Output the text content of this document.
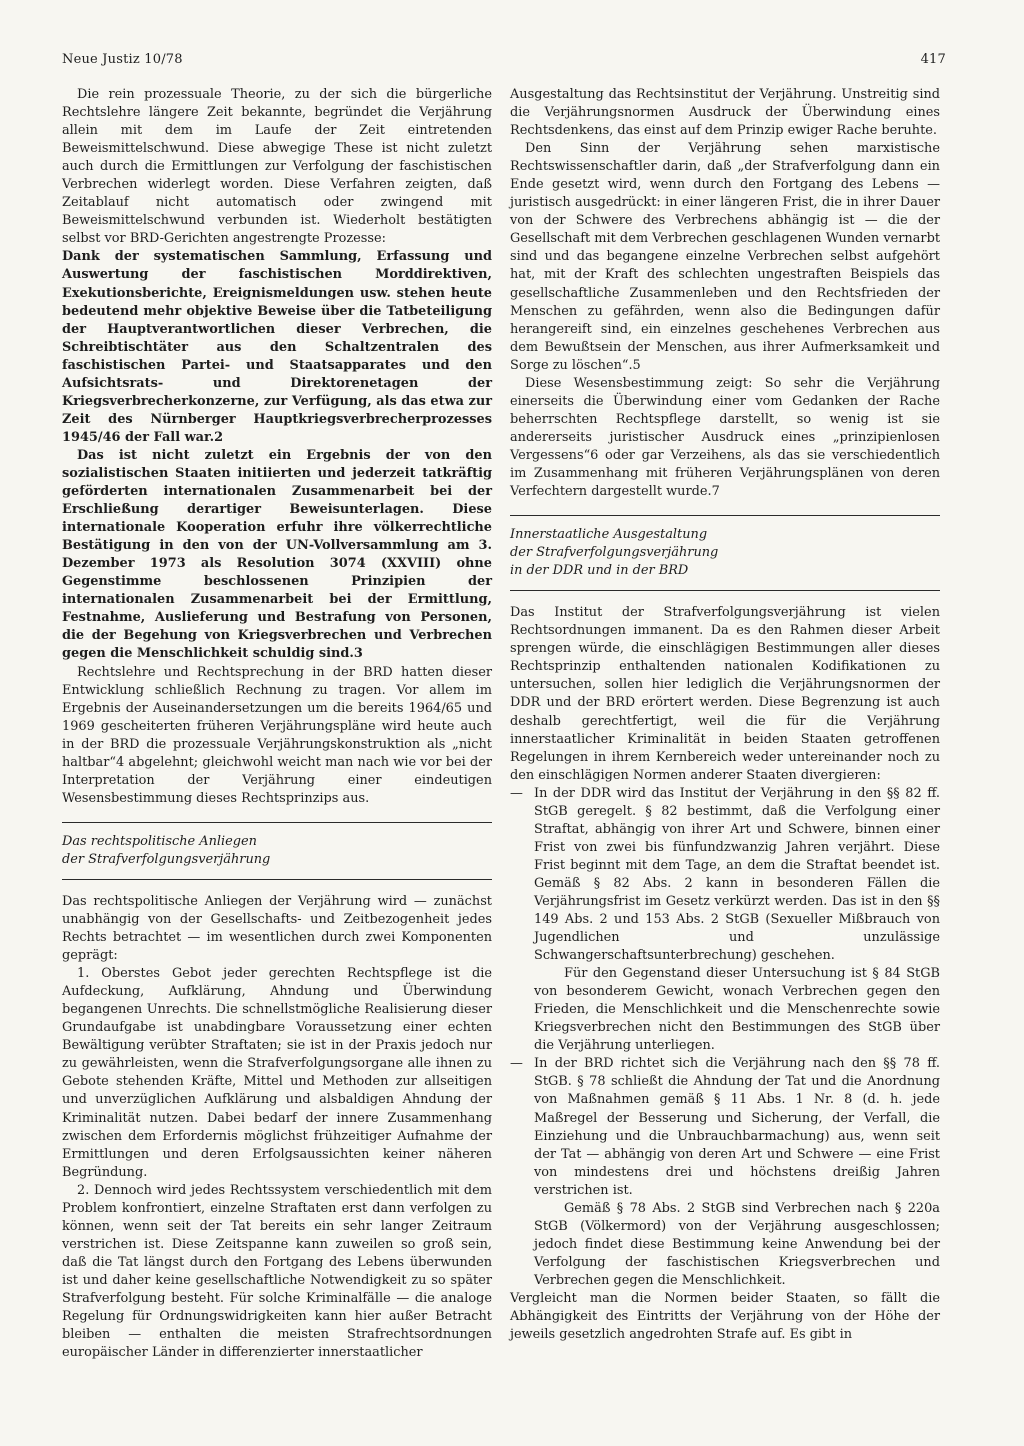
Neue Justiz 10/78	417

Die rein prozessuale Theorie, zu der sich die bürgerliche Rechtslehre längere Zeit bekannte, begründet die Verjährung allein mit dem im Laufe der Zeit eintretenden Beweismittelschwund. Diese abwegige These ist nicht zuletzt auch durch die Ermittlungen zur Verfolgung der faschistischen Verbrechen widerlegt worden. Diese Verfahren zeigten, daß Zeitablauf nicht automatisch oder zwingend mit Beweismittelschwund verbunden ist. Wiederholt bestätigten selbst vor BRD-Gerichten angestrengte Prozesse:

Dank der systematischen Sammlung, Erfassung und Auswertung der faschistischen Morddirektiven, Exekutionsberichte, Ereignismeldungen usw. stehen heute bedeutend mehr objektive Beweise über die Tatbeteiligung der Hauptverantwortlichen dieser Verbrechen, die Schreibtischtäter aus den Schaltzentralen des faschistischen Partei- und Staatsapparates und den Aufsichtsrats- und Direktorenetagen der Kriegsverbrecherkonzerne, zur Verfügung, als das etwa zur Zeit des Nürnberger Hauptkriegsverbrecherprozesses 1945/46 der Fall war.2

Das ist nicht zuletzt ein Ergebnis der von den sozialistischen Staaten initiierten und jederzeit tatkräftig geförderten internationalen Zusammenarbeit bei der Erschließung derartiger Beweisunterlagen. Diese internationale Kooperation erfuhr ihre völkerrechtliche Bestätigung in den von der UN-Vollversammlung am 3. Dezember 1973 als Resolution 3074 (XXVIII) ohne Gegenstimme beschlossenen Prinzipien der internationalen Zusammenarbeit bei der Ermittlung, Festnahme, Auslieferung und Bestrafung von Personen, die der Begehung von Kriegsverbrechen und Verbrechen gegen die Menschlichkeit schuldig sind.3

Rechtslehre und Rechtsprechung in der BRD hatten dieser Entwicklung schließlich Rechnung zu tragen. Vor allem im Ergebnis der Auseinandersetzungen um die bereits 1964/65 und 1969 gescheiterten früheren Verjährungspläne wird heute auch in der BRD die prozessuale Verjährungskonstruktion als „nicht haltbar“4 abgelehnt; gleichwohl weicht man nach wie vor bei der Interpretation der Verjährung einer eindeutigen Wesensbestimmung dieses Rechtsprinzips aus.

Das rechtspolitische Anliegen

der Strafverfolgungsverjährung

Das rechtspolitische Anliegen der Verjährung wird — zunächst unabhängig von der Gesellschafts- und Zeitbezogenheit jedes Rechts betrachtet — im wesentlichen durch zwei Komponenten geprägt:

1. Oberstes Gebot jeder gerechten Rechtspflege ist die Aufdeckung, Aufklärung, Ahndung und Überwindung begangenen Unrechts. Die schnellstmögliche Realisierung dieser Grundaufgabe ist unabdingbare Voraussetzung einer echten Bewältigung verübter Straftaten; sie ist in der Praxis jedoch nur zu gewährleisten, wenn die Strafverfolgungsorgane alle ihnen zu Gebote stehenden Kräfte, Mittel und Methoden zur allseitigen und unverzüglichen Aufklärung und alsbaldigen Ahndung der Kriminalität nutzen. Dabei bedarf der innere Zusammenhang zwischen dem Erfordernis möglichst frühzeitiger Aufnahme der Ermittlungen und deren Erfolgsaussichten keiner näheren Begründung.

2. Dennoch wird jedes Rechtssystem verschiedentlich mit dem Problem konfrontiert, einzelne Straftaten erst dann verfolgen zu können, wenn seit der Tat bereits ein sehr langer Zeitraum verstrichen ist. Diese Zeitspanne kann zuweilen so groß sein, daß die Tat längst durch den Fortgang des Lebens überwunden ist und daher keine gesellschaftliche Notwendigkeit zu so später Strafverfolgung besteht. Für solche Kriminalfälle — die analoge Regelung für Ordnungswidrigkeiten kann hier außer Betracht bleiben — enthalten die meisten Strafrechtsordnungen europäischer Länder in differenzierter innerstaatlicher

Ausgestaltung das Rechtsinstitut der Verjährung. Unstreitig sind die Verjährungsnormen Ausdruck der Überwindung eines Rechtsdenkens, das einst auf dem Prinzip ewiger Rache beruhte.

Den Sinn der Verjährung sehen marxistische Rechtswissenschaftler darin, daß „der Strafverfolgung dann ein Ende gesetzt wird, wenn durch den Fortgang des Lebens — juristisch ausgedrückt: in einer längeren Frist, die in ihrer Dauer von der Schwere des Verbrechens abhängig ist — die der Gesellschaft mit dem Verbrechen geschlagenen Wunden vernarbt sind und das begangene einzelne Verbrechen selbst aufgehört hat, mit der Kraft des schlechten ungestraften Beispiels das gesellschaftliche Zusammenleben und den Rechtsfrieden der Menschen zu gefährden, wenn also die Bedingungen dafür herangereift sind, ein einzelnes geschehenes Verbrechen aus dem Bewußtsein der Menschen, aus ihrer Aufmerksamkeit und Sorge zu löschen“.5

Diese Wesensbestimmung zeigt: So sehr die Verjährung einerseits die Überwindung einer vom Gedanken der Rache beherrschten Rechtspflege darstellt, so wenig ist sie andererseits juristischer Ausdruck eines „prinzipienlosen Vergessens“6 oder gar Verzeihens, als das sie verschiedentlich im Zusammenhang mit früheren Verjährungsplänen von deren Verfechtern dargestellt wurde.7

Innerstaatliche Ausgestaltung

der Strafverfolgungsverjährung

in der DDR und in der BRD

Das Institut der Strafverfolgungsverjährung ist vielen Rechtsordnungen immanent. Da es den Rahmen dieser Arbeit sprengen würde, die einschlägigen Bestimmungen aller dieses Rechtsprinzip enthaltenden nationalen Kodifikationen zu untersuchen, sollen hier lediglich die Verjährungsnormen der DDR und der BRD erörtert werden. Diese Begrenzung ist auch deshalb gerechtfertigt, weil die für die Verjährung innerstaatlicher Kriminalität in beiden Staaten getroffenen Regelungen in ihrem Kernbereich weder untereinander noch zu den einschlägigen Normen anderer Staaten divergieren:

— In der DDR wird das Institut der Verjährung in den §§ 82 ff. StGB geregelt. § 82 bestimmt, daß die Verfolgung einer Straftat, abhängig von ihrer Art und Schwere, binnen einer Frist von zwei bis fünfundzwanzig Jahren verjährt. Diese Frist beginnt mit dem Tage, an dem die Straftat beendet ist. Gemäß § 82 Abs. 2 kann in besonderen Fällen die Verjährungsfrist im Gesetz verkürzt werden. Das ist in den §§ 149 Abs. 2 und 153 Abs. 2 StGB (Sexueller Mißbrauch von Jugendlichen und unzulässige Schwangerschaftsunterbrechung) geschehen.

Für den Gegenstand dieser Untersuchung ist § 84 StGB von besonderem Gewicht, wonach Verbrechen gegen den Frieden, die Menschlichkeit und die Menschenrechte sowie Kriegsverbrechen nicht den Bestimmungen des StGB über die Verjährung unterliegen.

— In der BRD richtet sich die Verjährung nach den §§ 78 ff. StGB. § 78 schließt die Ahndung der Tat und die Anordnung von Maßnahmen gemäß § 11 Abs. 1 Nr. 8 (d. h. jede Maßregel der Besserung und Sicherung, der Verfall, die Einziehung und die Unbrauchbarmachung) aus, wenn seit der Tat — abhängig von deren Art und Schwere — eine Frist von mindestens drei und höchstens dreißig Jahren verstrichen ist.

Gemäß § 78 Abs. 2 StGB sind Verbrechen nach § 220a StGB (Völkermord) von der Verjährung ausgeschlossen; jedoch findet diese Bestimmung keine Anwendung bei der Verfolgung der faschistischen Kriegsverbrechen und Verbrechen gegen die Menschlichkeit.

Vergleicht man die Normen beider Staaten, so fällt die Abhängigkeit des Eintritts der Verjährung von der Höhe der jeweils gesetzlich angedrohten Strafe auf. Es gibt in
